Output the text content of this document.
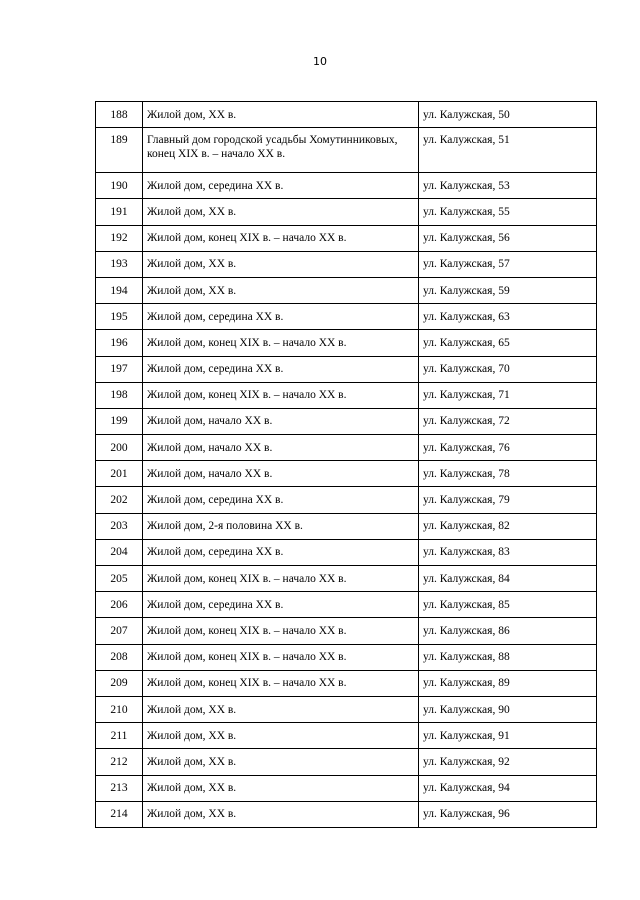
10
188	Жилой дом, XX в.	ул. Калужская, 50
189	Главный дом городской усадьбы Хомутинниковых, конец XIX в. – начало XX в.	ул. Калужская, 51
190	Жилой дом, середина XX в.	ул. Калужская, 53
191	Жилой дом, XX в.	ул. Калужская, 55
192	Жилой дом, конец XIX в. – начало XX в.	ул. Калужская, 56
193	Жилой дом, XX в.	ул. Калужская, 57
194	Жилой дом, XX в.	ул. Калужская, 59
195	Жилой дом, середина XX в.	ул. Калужская, 63
196	Жилой дом, конец XIX в. – начало XX в.	ул. Калужская, 65
197	Жилой дом, середина XX в.	ул. Калужская, 70
198	Жилой дом, конец XIX в. – начало XX в.	ул. Калужская, 71
199	Жилой дом, начало XX в.	ул. Калужская, 72
200	Жилой дом, начало XX в.	ул. Калужская, 76
201	Жилой дом, начало XX в.	ул. Калужская, 78
202	Жилой дом, середина XX в.	ул. Калужская, 79
203	Жилой дом, 2-я половина XX в.	ул. Калужская, 82
204	Жилой дом, середина XX в.	ул. Калужская, 83
205	Жилой дом, конец XIX в. – начало XX в.	ул. Калужская, 84
206	Жилой дом, середина XX в.	ул. Калужская, 85
207	Жилой дом, конец XIX в. – начало XX в.	ул. Калужская, 86
208	Жилой дом, конец XIX в. – начало XX в.	ул. Калужская, 88
209	Жилой дом, конец XIX в. – начало XX в.	ул. Калужская, 89
210	Жилой дом, XX в.	ул. Калужская, 90
211	Жилой дом, XX в.	ул. Калужская, 91
212	Жилой дом, XX в.	ул. Калужская, 92
213	Жилой дом, XX в.	ул. Калужская, 94
214	Жилой дом, XX в.	ул. Калужская, 96
